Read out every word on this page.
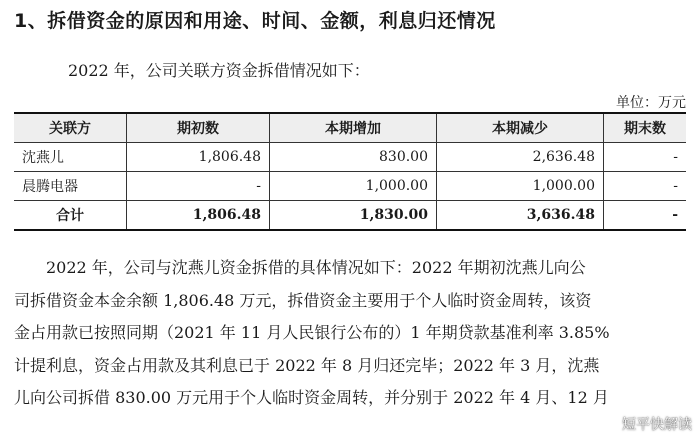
1、拆借资金的原因和用途、时间、金额，利息归还情况
2022 年，公司关联方资金拆借情况如下：
单位：万元
关联方	期初数	本期增加	本期减少	期末数
沈燕儿	1,806.48	830.00	2,636.48	-
晨腾电器	-	1,000.00	1,000.00	-
合计	1,806.48	1,830.00	3,636.48	-
　　2022 年，公司与沈燕儿资金拆借的具体情况如下：2022 年期初沈燕儿向公
司拆借资金本金余额 1,806.48 万元，拆借资金主要用于个人临时资金周转，该资
金占用款已按照同期（2021 年 11 月人民银行公布的）1 年期贷款基准利率 3.85%
计提利息，资金占用款及其利息已于 2022 年 8 月归还完毕；2022 年 3 月，沈燕
儿向公司拆借 830.00 万元用于个人临时资金周转，并分别于 2022 年 4 月、12 月
短平快解读
